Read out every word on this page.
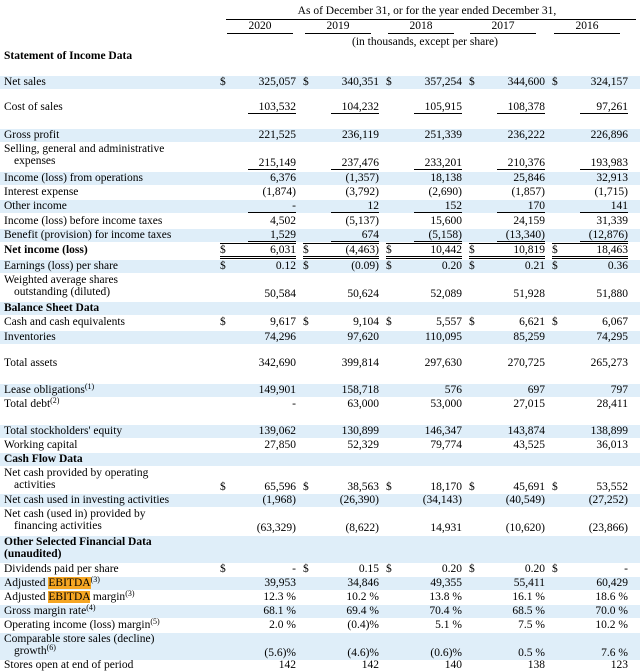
As of December 31, or for the year ended December 31,
2020	2019	2018	2017	2016
(in thousands, except per share)
Statement of Income Data
Net sales	$	325,057 $	340,351 $	357,254 $	344,600 $	324,157
Cost of sales	103,532	104,232	105,915	108,378	97,261
Gross profit	221,525	236,119	251,339	236,222	226,896
Selling, general and administrative
expenses	215,149	237,476	233,201	210,376	193,983
Income (loss) from operations	6,376	(1,357)	18,138	25,846	32,913
Interest expense	(1,874)	(3,792)	(2,690)	(1,857)	(1,715)
Other income	-	12	152	170	141
Income (loss) before income taxes	4,502	(5,137)	15,600	24,159	31,339
Benefit (provision) for income taxes	1,529	674	(5,158)	(13,340)	(12,876)
Net income (loss)	$	6,031 $	(4,463) $	10,442 $	10,819 $	18,463
Earnings (loss) per share	$	0.12 $	(0.09) $	0.20 $	0.21 $	0.36
Weighted average shares
outstanding (diluted)	50,584	50,624	52,089	51,928	51,880
Balance Sheet Data
Cash and cash equivalents	$	9,617 $	9,104 $	5,557 $	6,621 $	6,067
Inventories	74,296	97,620	110,095	85,259	74,295
Total assets	342,690	399,814	297,630	270,725	265,273
Lease obligations$^{(1)}$	149,901	158,718	576	697	797
Total debt$^{(2)}$	-	63,000	53,000	27,015	28,411
Total stockholders' equity	139,062	130,899	146,347	143,874	138,899
Working capital	27,850	52,329	79,774	43,525	36,013
Cash Flow Data
Net cash provided by operating
activities	$	65,596 $	38,563 $	18,170 $	45,691 $	53,552
Net cash used in investing activities	(1,968)	(26,390)	(34,143)	(40,549)	(27,252)
Net cash (used in) provided by
financing activities	(63,329)	(8,622)	14,931	(10,620)	(23,866)
Other Selected Financial Data
(unaudited)
Dividends paid per share	$	- $	0.15 $	0.20 $	0.20 $	-
Adjusted EBITDA$^{(3)}$	39,953	34,846	49,355	55,411	60,429
Adjusted EBITDA margin$^{(3)}$	12.3 %	10.2 %	13.8 %	16.1 %	18.6 %
Gross margin rate$^{(4)}$	68.1 %	69.4 %	70.4 %	68.5 %	70.0 %
Operating income (loss) margin$^{(5)}$	2.0 %	(0.4)%	5.1 %	7.5 %	10.2 %
Comparable store sales (decline)
growth$^{(6)}$	(5.6)%	(4.6)%	(0.6)%	0.5 %	7.6 %
Stores open at end of period	142	142	140	138	123
